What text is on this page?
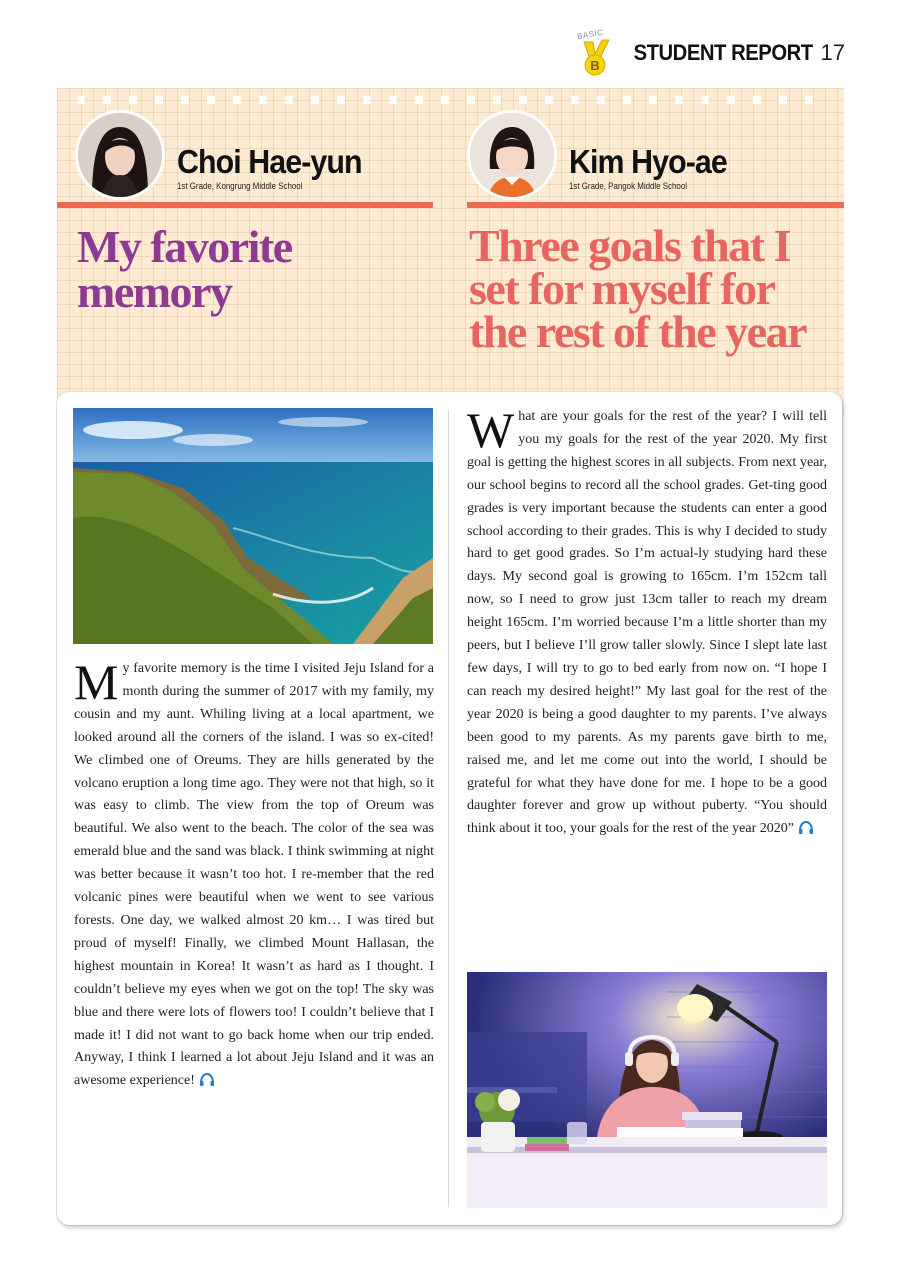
BASIC
B
STUDENT REPORT 17
Choi Hae-yun
1st Grade, Kongrung Middle School
Kim Hyo-ae
1st Grade, Pangok Middle School
My favorite memory
Three goals that I set for myself for the rest of the year

My favorite memory is the time I visited Jeju Island for a month during the summer of 2017 with my family, my cousin and my aunt. Whiling living at a local apartment, we looked around all the corners of the island. I was so ex-cited! We climbed one of Oreums. They are hills generated by the volcano eruption a long time ago. They were not that high, so it was easy to climb. The view from the top of Oreum was beautiful. We also went to the beach. The color of the sea was emerald blue and the sand was black. I think swimming at night was better because it wasn’t too hot. I re-member that the red volcanic pines were beautiful when we went to see various forests. One day, we walked almost 20 km… I was tired but proud of myself! Finally, we climbed Mount Hallasan, the highest mountain in Korea! It wasn’t as hard as I thought. I couldn’t believe my eyes when we got on the top! The sky was blue and there were lots of flowers too! I couldn’t believe that I made it! I did not want to go back home when our trip ended. Anyway, I think I learned a lot about Jeju Island and it was an awesome experience!

What are your goals for the rest of the year? I will tell you my goals for the rest of the year 2020. My first goal is getting the highest scores in all subjects. From next year, our school begins to record all the school grades. Get-ting good grades is very important because the students can enter a good school according to their grades. This is why I decided to study hard to get good grades. So I’m actual-ly studying hard these days. My second goal is growing to 165cm. I’m 152cm tall now, so I need to grow just 13cm taller to reach my dream height 165cm. I’m worried because I’m a little shorter than my peers, but I believe I’ll grow taller slowly. Since I slept late last few days, I will try to go to bed early from now on. “I hope I can reach my desired height!” My last goal for the rest of the year 2020 is being a good daughter to my parents. I’ve always been good to my parents. As my parents gave birth to me, raised me, and let me come out into the world, I should be grateful for what they have done for me. I hope to be a good daughter forever and grow up without puberty. “You should think about it too, your goals for the rest of the year 2020”
